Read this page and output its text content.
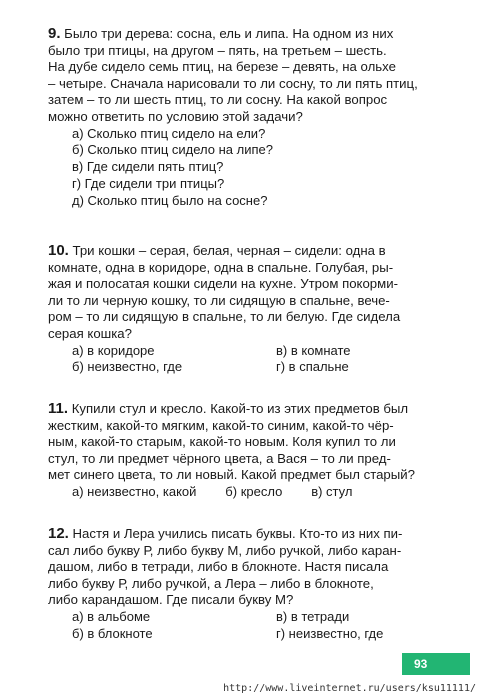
9. Было три дерева: сосна, ель и липа. На одном из них
было три птицы, на другом – пять, на третьем – шесть.
На дубе сидело семь птиц, на березе – девять, на ольхе
– четыре. Сначала нарисовали то ли сосну, то ли пять птиц,
затем – то ли шесть птиц, то ли сосну. На какой вопрос
можно ответить по условию этой задачи?
а) Сколько птиц сидело на ели?
б) Сколько птиц сидело на липе?
в) Где сидели пять птиц?
г) Где сидели три птицы?
д) Сколько птиц было на сосне?
10. Три кошки – серая, белая, черная – сидели: одна в
комнате, одна в коридоре, одна в спальне. Голубая, ры-
жая и полосатая кошки сидели на кухне. Утром покорми-
ли то ли черную кошку, то ли сидящую в спальне, вече-
ром – то ли сидящую в спальне, то ли белую. Где сидела
серая кошка?
а) в коридоре	в) в комнате
б) неизвестно, где	г) в спальне
11. Купили стул и кресло. Какой-то из этих предметов был
жестким, какой-то мягким, какой-то синим, какой-то чёр-
ным, какой-то старым, какой-то новым. Коля купил то ли
стул, то ли предмет чёрного цвета, а Вася – то ли пред-
мет синего цвета, то ли новый. Какой предмет был старый?
а) неизвестно, какой        б) кресло        в) стул
12. Настя и Лера учились писать буквы. Кто-то из них пи-
сал либо букву Р, либо букву М, либо ручкой, либо каран-
дашом, либо в тетради, либо в блокноте. Настя писала
либо букву Р, либо ручкой, а Лера – либо в блокноте,
либо карандашом. Где писали букву М?
а) в альбоме	в) в тетради
б) в блокноте	г) неизвестно, где
93
http://www.liveinternet.ru/users/ksu11111/
